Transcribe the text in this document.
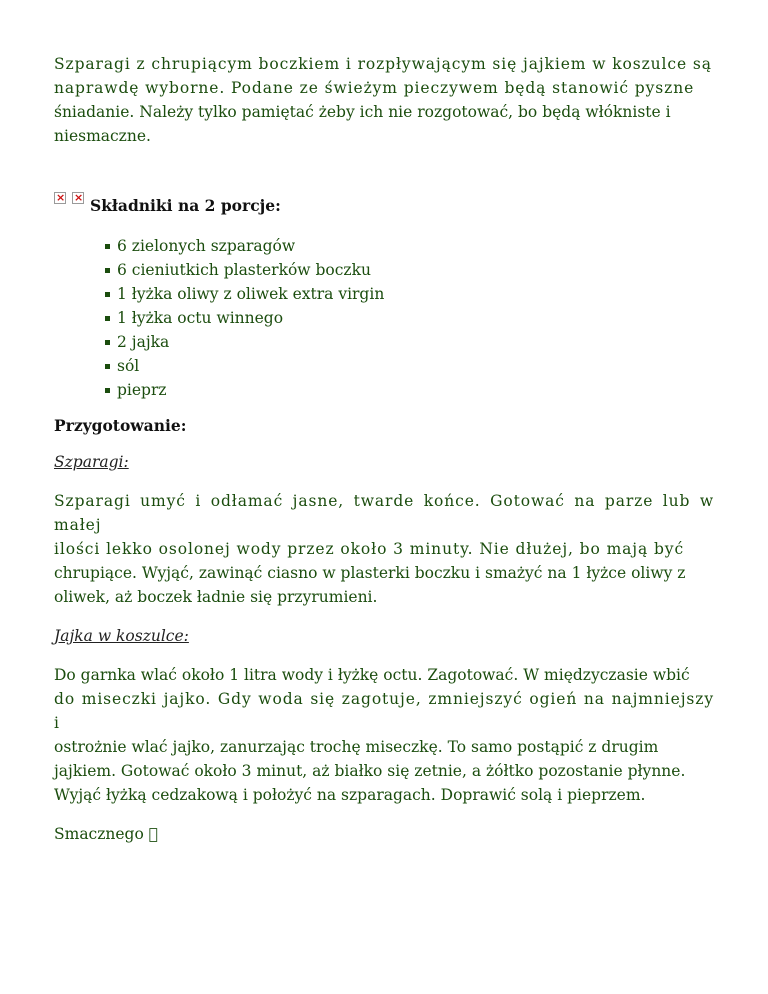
Szparagi z chrupiącym boczkiem i rozpływającym się jajkiem w koszulce są
naprawdę wyborne. Podane ze świeżym pieczywem będą stanowić pyszne
śniadanie. Należy tylko pamiętać żeby ich nie rozgotować, bo będą włókniste i
niesmaczne.

×
×
Składniki na 2 porcje:
6 zielonych szparagów
6 cieniutkich plasterków boczku
1 łyżka oliwy z oliwek extra virgin
1 łyżka octu winnego
2 jajka
sól
pieprz

Przygotowanie:

Szparagi:

Szparagi umyć i odłamać jasne, twarde końce. Gotować na parze lub w małej
ilości lekko osolonej wody przez około 3 minuty. Nie dłużej, bo mają być
chrupiące. Wyjąć, zawinąć ciasno w plasterki boczku i smażyć na 1 łyżce oliwy z
oliwek, aż boczek ładnie się przyrumieni.

Jajka w koszulce:

Do garnka wlać około 1 litra wody i łyżkę octu. Zagotować. W międzyczasie wbić
do miseczki jajko. Gdy woda się zagotuje, zmniejszyć ogień na najmniejszy i
ostrożnie wlać jajko, zanurzając trochę miseczkę. To samo postąpić z drugim
jajkiem. Gotować około 3 minut, aż białko się zetnie, a żółtko pozostanie płynne.
Wyjąć łyżką cedzakową i położyć na szparagach. Doprawić solą i pieprzem.

Smacznego ￿
